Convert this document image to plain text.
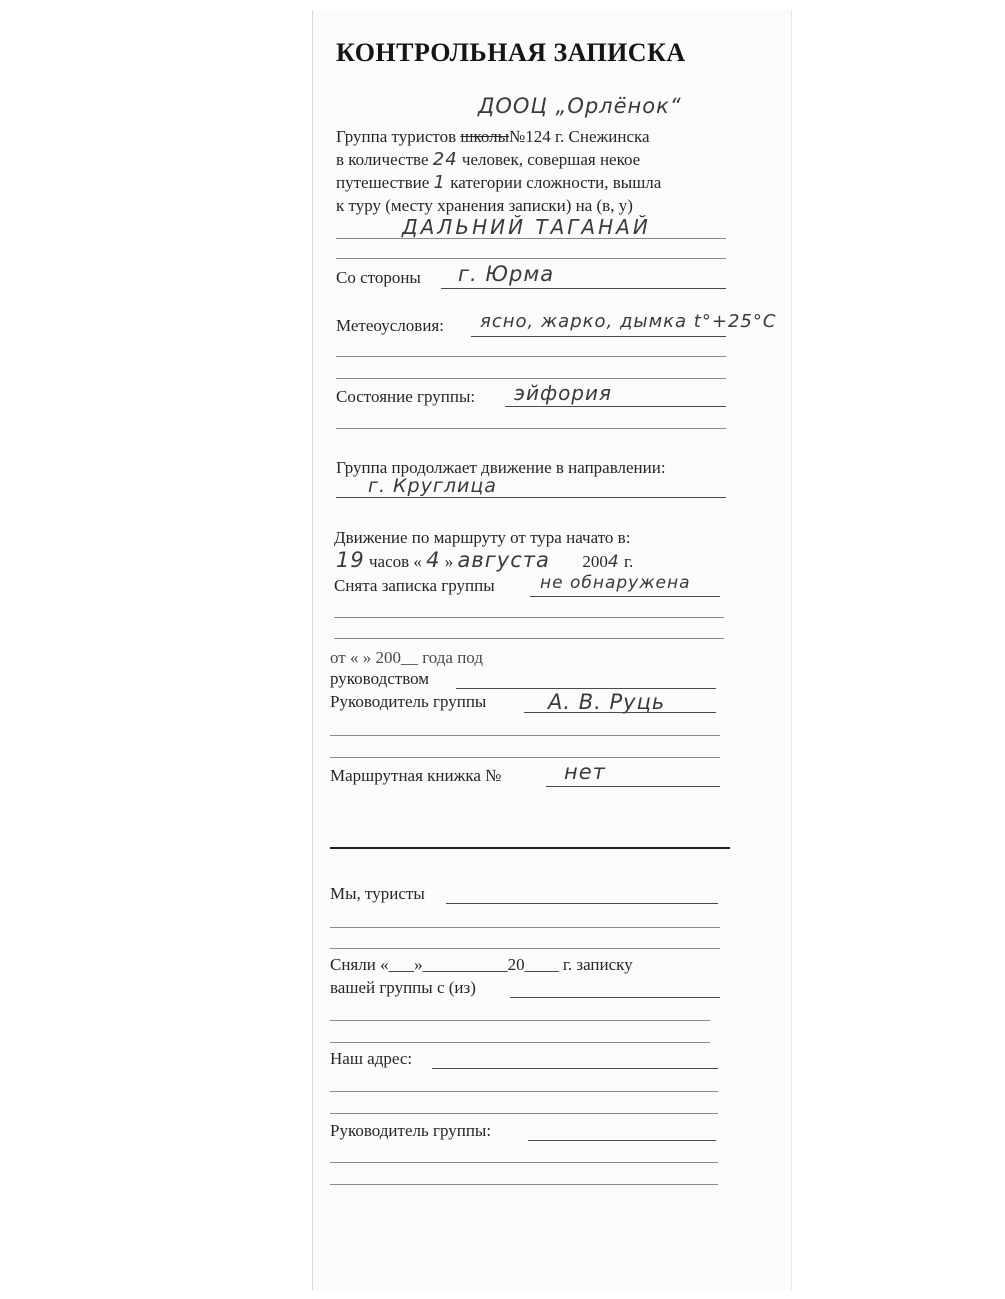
КОНТРОЛЬНАЯ ЗАПИСКА
ДООЦ „Орлёнок“
Группа туристов школы№124 г. Снежинска
в количестве 24 человек, совершая некое
путешествие 1 категории сложности, вышла
к туру (месту хранения записки) на (в, у)
ДАЛЬНИЙ ТАГАНАЙ
Со стороны г. Юрма
Метеоусловия: ясно, жарко, дымка t°+25°С
Состояние группы: эйфория
Группа продолжает движение в направлении:
г. Круглица
Движение по маршруту от тура начато в:
19 часов « 4 » августа 2004 г.
Снята записка группы	не обнаружена
от « » 200__ года под
руководством
Руководитель группы	А. В. Руць
Маршрутная книжка №	нет
Мы, туристы
Сняли «___»__________20____ г. записку
вашей группы с (из)
Наш адрес:
Руководитель группы:
